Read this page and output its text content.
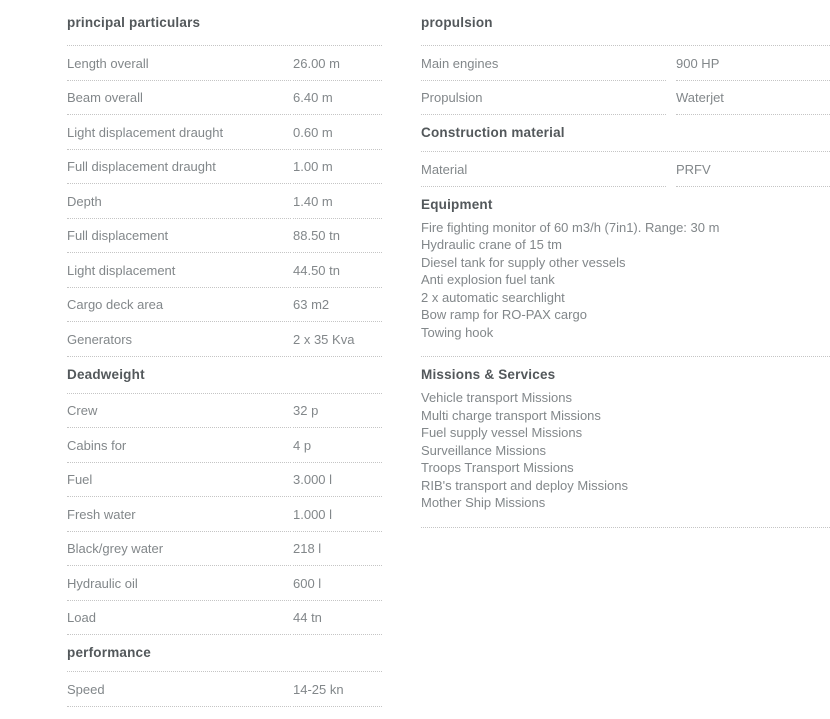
principal particulars
Length overall	26.00 m
Beam overall	6.40 m
Light displacement draught	0.60 m
Full displacement draught	1.00 m
Depth	1.40 m
Full displacement	88.50 tn
Light displacement	44.50 tn
Cargo deck area	63 m2
Generators	2 x 35 Kva
Deadweight
Crew	32 p
Cabins for	4 p
Fuel	3.000 l
Fresh water	1.000 l
Black/grey water	218 l
Hydraulic oil	600 l
Load	44 tn
performance
Speed	14-25 kn
propulsion
Main engines	900 HP
Propulsion	Waterjet
Construction material
Material	PRFV
Equipment
Fire fighting monitor of 60 m3/h (7in1). Range: 30 m
Hydraulic crane of 15 tm
Diesel tank for supply other vessels
Anti explosion fuel tank
2 x automatic searchlight
Bow ramp for RO-PAX cargo
Towing hook
Missions & Services
Vehicle transport Missions
Multi charge transport Missions
Fuel supply vessel Missions
Surveillance Missions
Troops Transport Missions
RIB's transport and deploy Missions
Mother Ship Missions
